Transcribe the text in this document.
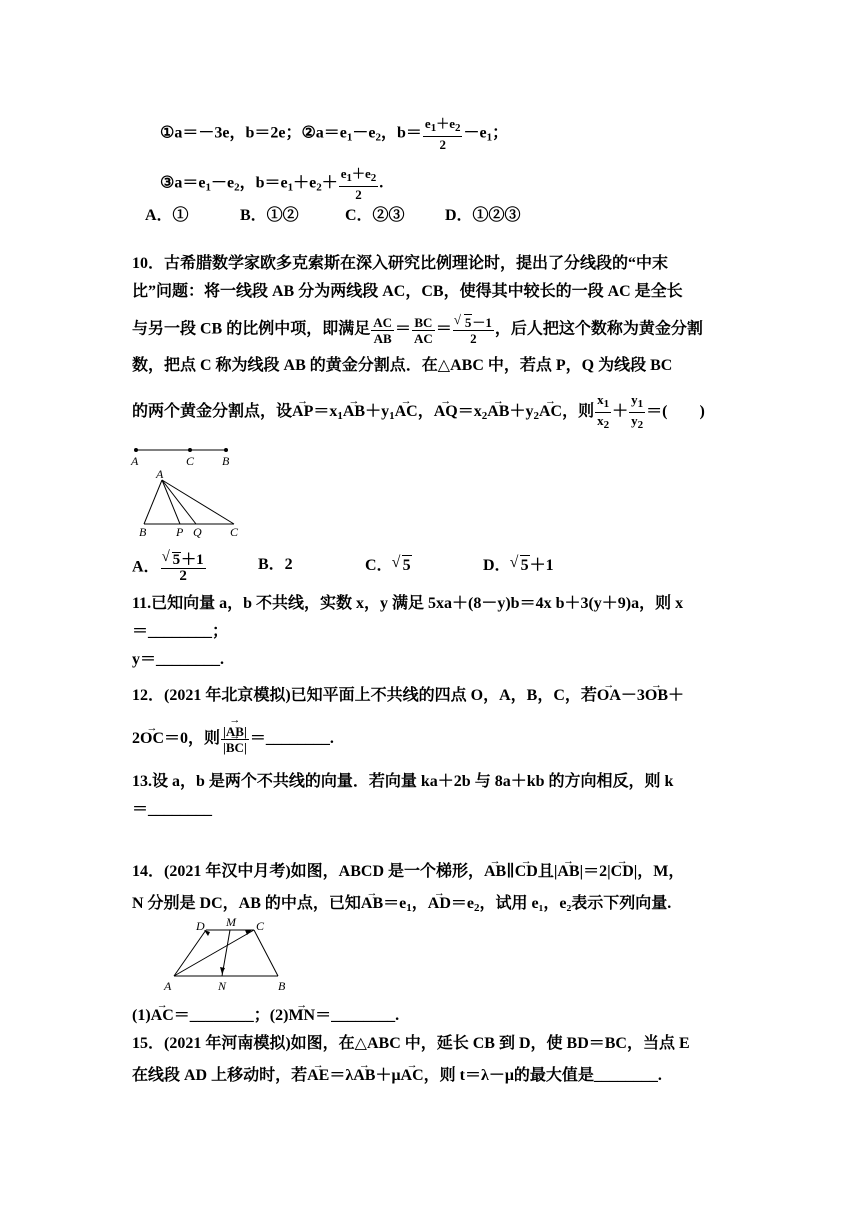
①a＝－3e，b＝2e；$②a=e_1-e_2$，$b= \frac{e_1+e_2}{2} -e_1$；
$③a=e_1-e_2$，$b=e_1+e_2+ \frac{e_1+e_2}{2}$ .
A．①	B．①②	C．②③	D．①②③
10．古希腊数学家欧多克索斯在深入研究比例理论时，提出了分线段的“中末
比”问题：将一线段 AB 分为两线段 AC，CB，使得其中较长的一段 AC 是全长
与另一段 CB 的比例中项，即满足 $\frac{AC}{AB} = \frac{BC}{AC}$ ＝ √ $\frac{5-1}{2}$ ，后人把这个数称为黄金分割
数，把点 C 称为线段 AB 的黄金分割点．在△ABC 中，若点 P，Q 为线段 BC
的两个黄金分割点，设→ $AP=x_1\to AB+y_1\to$ AC，→ $AQ=x_2\to AB+y_2\to$ AC，则 $\frac{x_1}{x_2} + \frac{y_1}{y_2}$ ＝(　　)
A	C B
A
B P Q C
A． √ $\frac{5+1}{2}$	B．2	C． √ 5	D． √ 5＋1
11.已知向量 a，b 不共线，实数 x，y 满足 5xa＋(8－y)b＝4x b＋3(y＋9)a，则 x
＝________；
y＝________.
12．(2021 年北京模拟)已知平面上不共线的四点 O，A，B，C，若→ OA－3→ OB＋
2→ OC＝0，则 $\frac{|\to AB|}{|\to BC|}$ ＝________.
13.设 a，b 是两个不共线的向量．若向量 ka＋2b 与 8a＋kb 的方向相反，则 k
＝________
14．(2021 年汉中月考)如图，ABCD 是一个梯形，→ AB∥→ CD且|→ AB|＝2|→ CD|，M，
N 分别是 DC，AB 的中点，已知→ $AB=e_1$，→ $AD=e_2$，试用 e₁，e₂表示下列向量.
D M C
A	N	B
(1)→ AC＝________；(2)→ MN＝________.
15．(2021 年河南模拟)如图，在△ABC 中，延长 CB 到 D，使 BD＝BC，当点 E
在线段 AD 上移动时，若→ AE＝λ→ AB＋μ→ AC，则 t＝λ－μ的最大值是________.
